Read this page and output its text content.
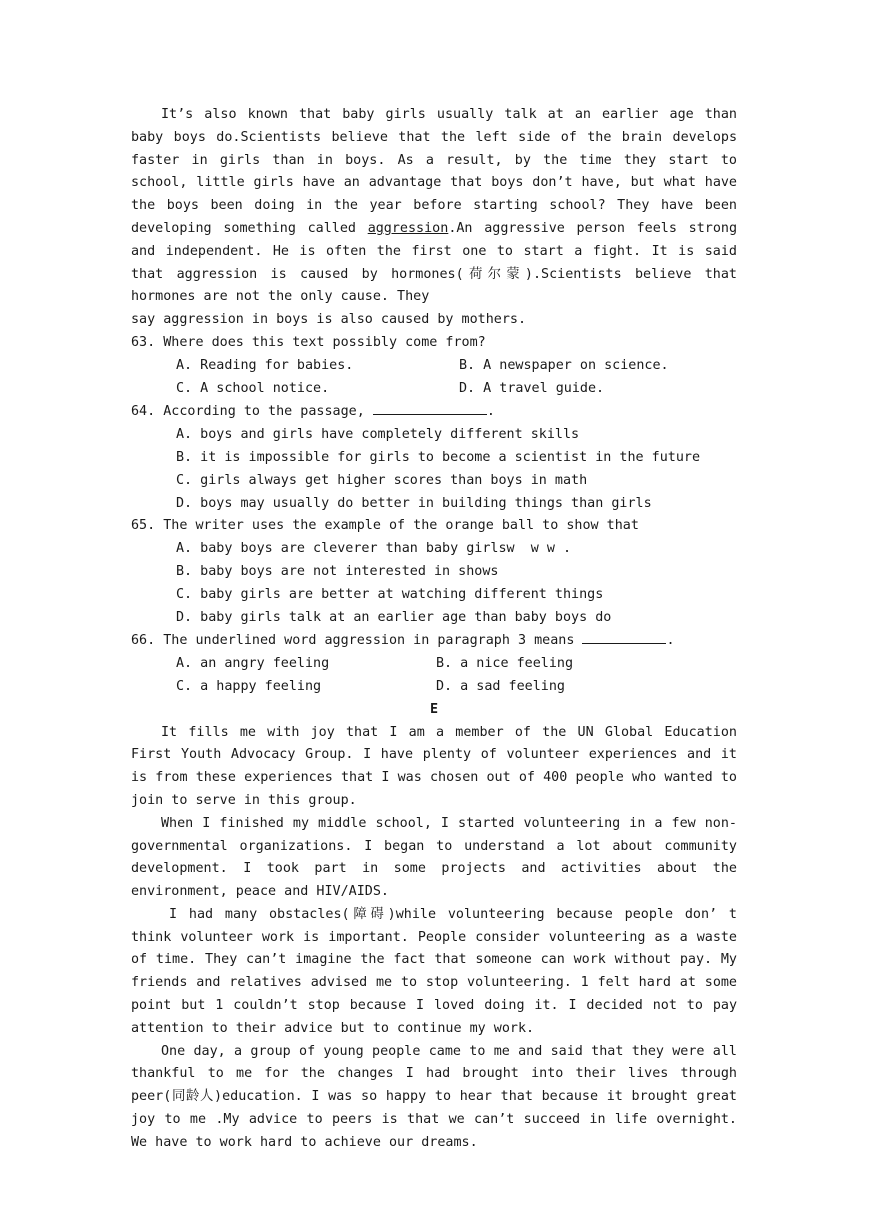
It’s also known that baby girls usually talk at an earlier age than baby boys do.Scientists believe that the left side of the brain develops faster in girls than in boys. As a result, by the time they start to school, little girls have an advantage that boys don’t have, but what have the boys been doing in the year before starting school? They have been developing something called aggression.An aggressive person feels strong and independent. He is often the first one to start a fight. It is said that aggression is caused by hormones(荷尔蒙).Scientists believe that hormones are not the only cause. They
say aggression in boys is also caused by mothers.
63. Where does this text possibly come from?
A. Reading for babies.	B. A newspaper on science.
C. A school notice.	D. A travel guide.
64. According to the passage,	.
A. boys and girls have completely different skills
B. it is impossible for girls to become a scientist in the future
C. girls always get higher scores than boys in math
D. boys may usually do better in building things than girls
65. The writer uses the example of the orange ball to show that
A. baby boys are cleverer than baby girlsw  w w .
B. baby boys are not interested in shows
C. baby girls are better at watching different things
D. baby girls talk at an earlier age than baby boys do
66. The underlined word aggression in paragraph 3 means	.
A. an angry feeling	B. a nice feeling
C. a happy feeling	D. a sad feeling
E
It fills me with joy that I am a member of the UN Global Education First Youth Advocacy Group. I have plenty of volunteer experiences and it is from these experiences that I was chosen out of 400 people who wanted to join to serve in this group.
When I finished my middle school, I started volunteering in a few non-governmental organizations. I began to understand a lot about community development. I took part in some projects and activities about the environment, peace and HIV/AIDS.
I had many obstacles(障碍)while volunteering because people don’ t think volunteer work is important. People consider volunteering as a waste of time. They can’t imagine the fact that someone can work without pay. My friends and relatives advised me to stop volunteering. 1 felt hard at some point but 1 couldn’t stop because I loved doing it. I decided not to pay attention to their advice but to continue my work.
One day, a group of young people came to me and said that they were all thankful to me for the changes I had brought into their lives through peer(同龄人)education. I was so happy to hear that because it brought great joy to me .My advice to peers is that we can’t succeed in life overnight. We have to work hard to achieve our dreams.
